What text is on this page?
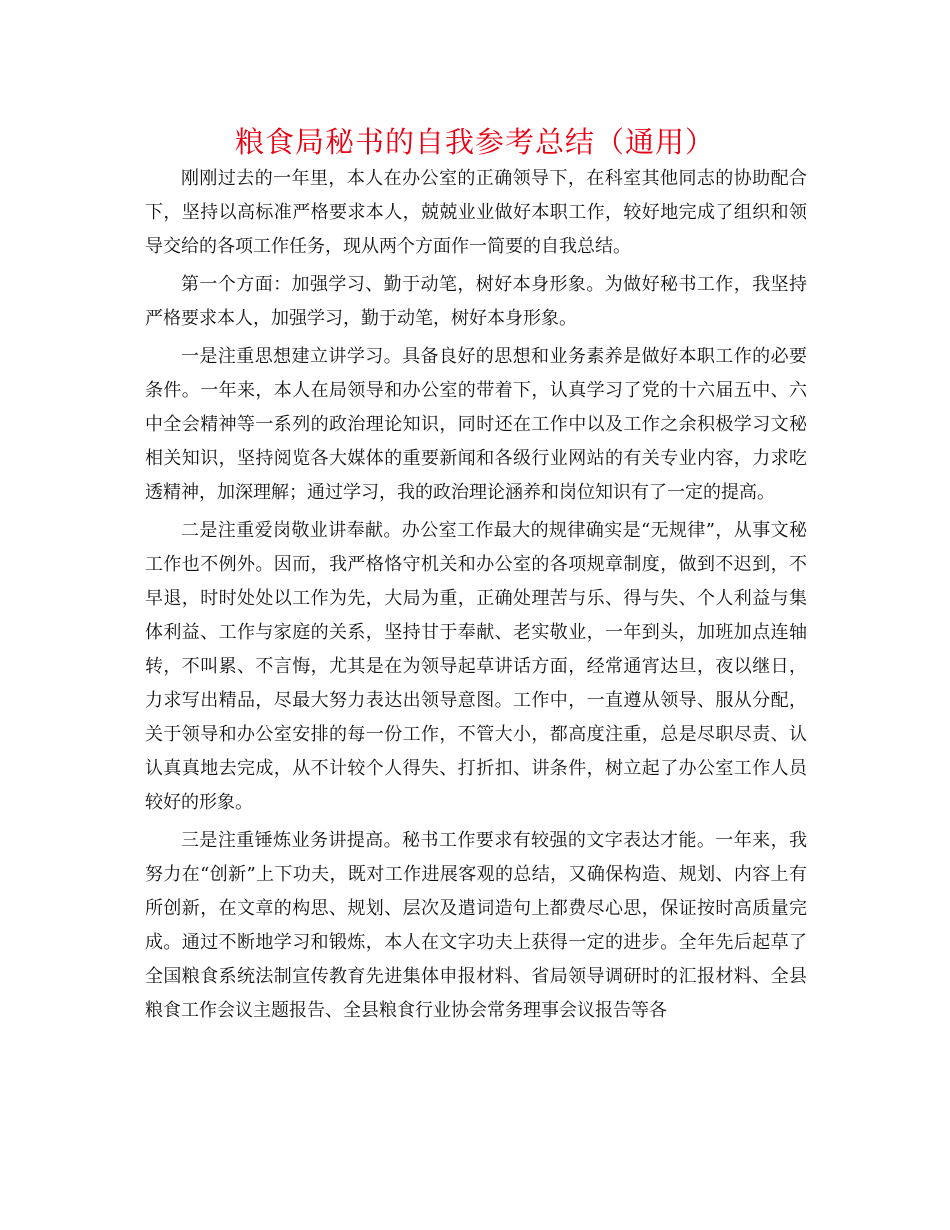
粮食局秘书的自我参考总结（通用）

刚刚过去的一年里，本人在办公室的正确领导下，在科室其他同志的协助配合下，坚持以高标准严格要求本人，兢兢业业做好本职工作，较好地完成了组织和领导交给的各项工作任务，现从两个方面作一简要的自我总结。

第一个方面：加强学习、勤于动笔，树好本身形象。为做好秘书工作，我坚持严格要求本人，加强学习，勤于动笔，树好本身形象。

一是注重思想建立讲学习。具备良好的思想和业务素养是做好本职工作的必要条件。一年来，本人在局领导和办公室的带着下，认真学习了党的十六届五中、六中全会精神等一系列的政治理论知识，同时还在工作中以及工作之余积极学习文秘相关知识，坚持阅览各大媒体的重要新闻和各级行业网站的有关专业内容，力求吃透精神，加深理解；通过学习，我的政治理论涵养和岗位知识有了一定的提高。

二是注重爱岗敬业讲奉献。办公室工作最大的规律确实是“无规律”，从事文秘工作也不例外。因而，我严格恪守机关和办公室的各项规章制度，做到不迟到，不早退，时时处处以工作为先，大局为重，正确处理苦与乐、得与失、个人利益与集体利益、工作与家庭的关系，坚持甘于奉献、老实敬业，一年到头，加班加点连轴转，不叫累、不言悔，尤其是在为领导起草讲话方面，经常通宵达旦，夜以继日，力求写出精品，尽最大努力表达出领导意图。工作中，一直遵从领导、服从分配，关于领导和办公室安排的每一份工作，不管大小，都高度注重，总是尽职尽责、认认真真地去完成，从不计较个人得失、打折扣、讲条件，树立起了办公室工作人员较好的形象。

三是注重锤炼业务讲提高。秘书工作要求有较强的文字表达才能。一年来，我努力在“创新”上下功夫，既对工作进展客观的总结，又确保构造、规划、内容上有所创新，在文章的构思、规划、层次及遣词造句上都费尽心思，保证按时高质量完成。通过不断地学习和锻炼，本人在文字功夫上获得一定的进步。全年先后起草了全国粮食系统法制宣传教育先进集体申报材料、省局领导调研时的汇报材料、全县粮食工作会议主题报告、全县粮食行业协会常务理事会议报告等各
